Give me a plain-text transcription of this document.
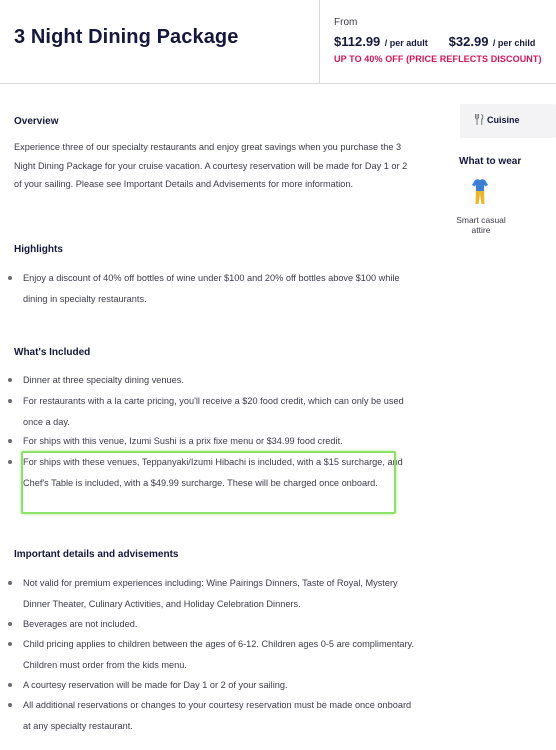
3 Night Dining Package
From
$112.99 / per adult $32.99 / per child
UP TO 40% OFF (PRICE REFLECTS DISCOUNT)
Overview
Experience three of our specialty restaurants and enjoy great savings when you purchase the 3 Night Dining Package for your cruise vacation. A courtesy reservation will be made for Day 1 or 2 of your sailing. Please see Important Details and Advisements for more information.
Highlights
Enjoy a discount of 40% off bottles of wine under $100 and 20% off bottles above $100 while dining in specialty restaurants.
What's Included
Dinner at three specialty dining venues.
For restaurants with a la carte pricing, you'll receive a $20 food credit, which can only be used once a day.
For ships with this venue, Izumi Sushi is a prix fixe menu or $34.99 food credit.
For ships with these venues, Teppanyaki/Izumi Hibachi is included, with a $15 surcharge, and Chef's Table is included, with a $49.99 surcharge. These will be charged once onboard.
Important details and advisements
Not valid for premium experiences including: Wine Pairings Dinners, Taste of Royal, Mystery Dinner Theater, Culinary Activities, and Holiday Celebration Dinners.
Beverages are not included.
Child pricing applies to children between the ages of 6-12. Children ages 0-5 are complimentary. Children must order from the kids menu.
A courtesy reservation will be made for Day 1 or 2 of your sailing.
All additional reservations or changes to your courtesy reservation must be made once onboard at any specialty restaurant.
Cuisine
What to wear
Smart casual attire
